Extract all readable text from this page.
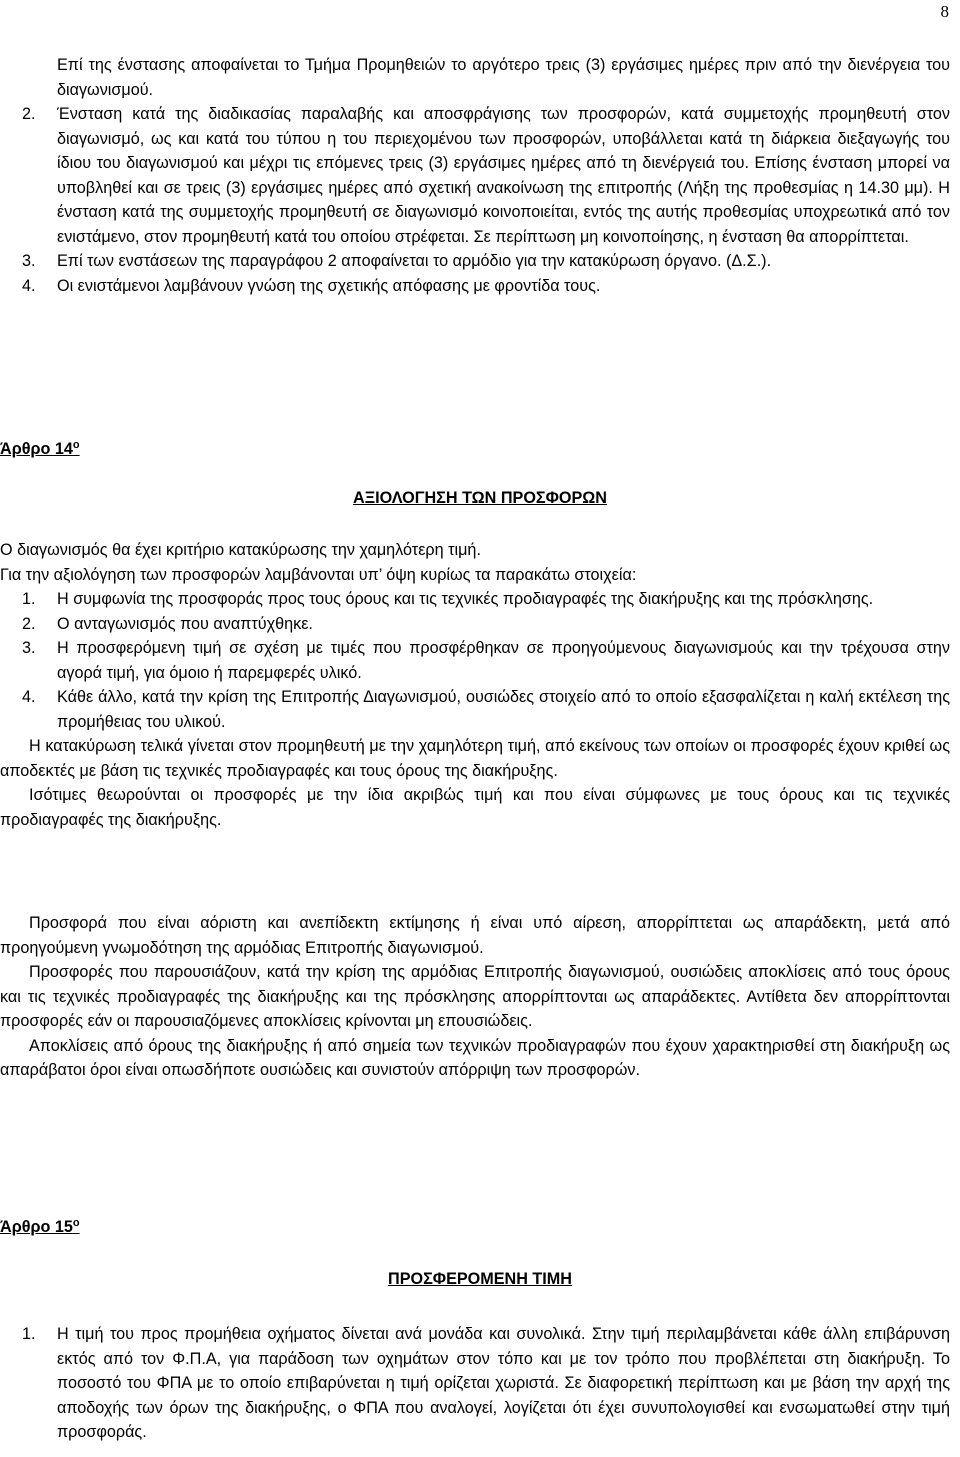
8

Επί της ένστασης αποφαίνεται το Τμήμα Προμηθειών το αργότερο τρεις (3) εργάσιμες ημέρες πριν από την διενέργεια του διαγωνισμού.

2. Ένσταση κατά της διαδικασίας παραλαβής και αποσφράγισης των προσφορών, κατά συμμετοχής προμηθευτή στον διαγωνισμό, ως και κατά του τύπου η του περιεχομένου των προσφορών, υποβάλλεται κατά τη διάρκεια διεξαγωγής του ίδιου του διαγωνισμού και μέχρι τις επόμενες τρεις (3) εργάσιμες ημέρες από τη διενέργειά του. Επίσης ένσταση μπορεί να υποβληθεί και σε τρεις (3) εργάσιμες ημέρες από σχετική ανακοίνωση της επιτροπής (Λήξη της προθεσμίας η 14.30 μμ). Η ένσταση κατά της συμμετοχής προμηθευτή σε διαγωνισμό κοινοποιείται, εντός της αυτής προθεσμίας υποχρεωτικά από τον ενιστάμενο, στον προμηθευτή κατά του οποίου στρέφεται. Σε περίπτωση μη κοινοποίησης, η ένσταση θα απορρίπτεται.

3. Επί των ενστάσεων της παραγράφου 2 αποφαίνεται το αρμόδιο για την κατακύρωση όργανο. (Δ.Σ.).

4. Οι ενιστάμενοι λαμβάνουν γνώση της σχετικής απόφασης με φροντίδα τους.

Άρθρο $14^o$
ΑΞΙΟΛΟΓΗΣΗ ΤΩΝ ΠΡΟΣΦΟΡΩΝ

Ο διαγωνισμός θα έχει κριτήριο κατακύρωσης την χαμηλότερη τιμή.

Για την αξιολόγηση των προσφορών λαμβάνονται υπ’ όψη κυρίως τα παρακάτω στοιχεία:

1. Η συμφωνία της προσφοράς προς τους όρους και τις τεχνικές προδιαγραφές της διακήρυξης και της πρόσκλησης.

2. Ο ανταγωνισμός που αναπτύχθηκε.

3. Η προσφερόμενη τιμή σε σχέση με τιμές που προσφέρθηκαν σε προηγούμενους διαγωνισμούς και την τρέχουσα στην αγορά τιμή, για όμοιο ή παρεμφερές υλικό.

4. Κάθε άλλο, κατά την κρίση της Επιτροπής Διαγωνισμού, ουσιώδες στοιχείο από το οποίο εξασφαλίζεται η καλή εκτέλεση της προμήθειας του υλικού.

Η κατακύρωση τελικά γίνεται στον προμηθευτή με την χαμηλότερη τιμή, από εκείνους των οποίων οι προσφορές έχουν κριθεί ως αποδεκτές με βάση τις τεχνικές προδιαγραφές και τους όρους της διακήρυξης.

Ισότιμες θεωρούνται οι προσφορές με την ίδια ακριβώς τιμή και που είναι σύμφωνες με τους όρους και τις τεχνικές προδιαγραφές της διακήρυξης.

Προσφορά που είναι αόριστη και ανεπίδεκτη εκτίμησης ή είναι υπό αίρεση, απορρίπτεται ως απαράδεκτη, μετά από προηγούμενη γνωμοδότηση της αρμόδιας Επιτροπής διαγωνισμού.

Προσφορές που παρουσιάζουν, κατά την κρίση της αρμόδιας Επιτροπής διαγωνισμού, ουσιώδεις αποκλίσεις από τους όρους και τις τεχνικές προδιαγραφές της διακήρυξης και της πρόσκλησης απορρίπτονται ως απαράδεκτες. Αντίθετα δεν απορρίπτονται προσφορές εάν οι παρουσιαζόμενες αποκλίσεις κρίνονται μη επουσιώδεις.

Αποκλίσεις από όρους της διακήρυξης ή από σημεία των τεχνικών προδιαγραφών που έχουν χαρακτηρισθεί στη διακήρυξη ως απαράβατοι όροι είναι οπωσδήποτε ουσιώδεις και συνιστούν απόρριψη των προσφορών.

Άρθρο $15^o$
ΠΡΟΣΦΕΡΟΜΕΝΗ ΤΙΜΗ

1. Η τιμή του προς προμήθεια οχήματος δίνεται ανά μονάδα και συνολικά. Στην τιμή περιλαμβάνεται κάθε άλλη επιβάρυνση εκτός από τον Φ.Π.Α, για παράδοση των οχημάτων στον τόπο και με τον τρόπο που προβλέπεται στη διακήρυξη. Το ποσοστό του ΦΠΑ με το οποίο επιβαρύνεται η τιμή ορίζεται χωριστά. Σε διαφορετική περίπτωση και με βάση την αρχή της αποδοχής των όρων της διακήρυξης, ο ΦΠΑ που αναλογεί, λογίζεται ότι έχει συνυπολογισθεί και ενσωματωθεί στην τιμή προσφοράς.
